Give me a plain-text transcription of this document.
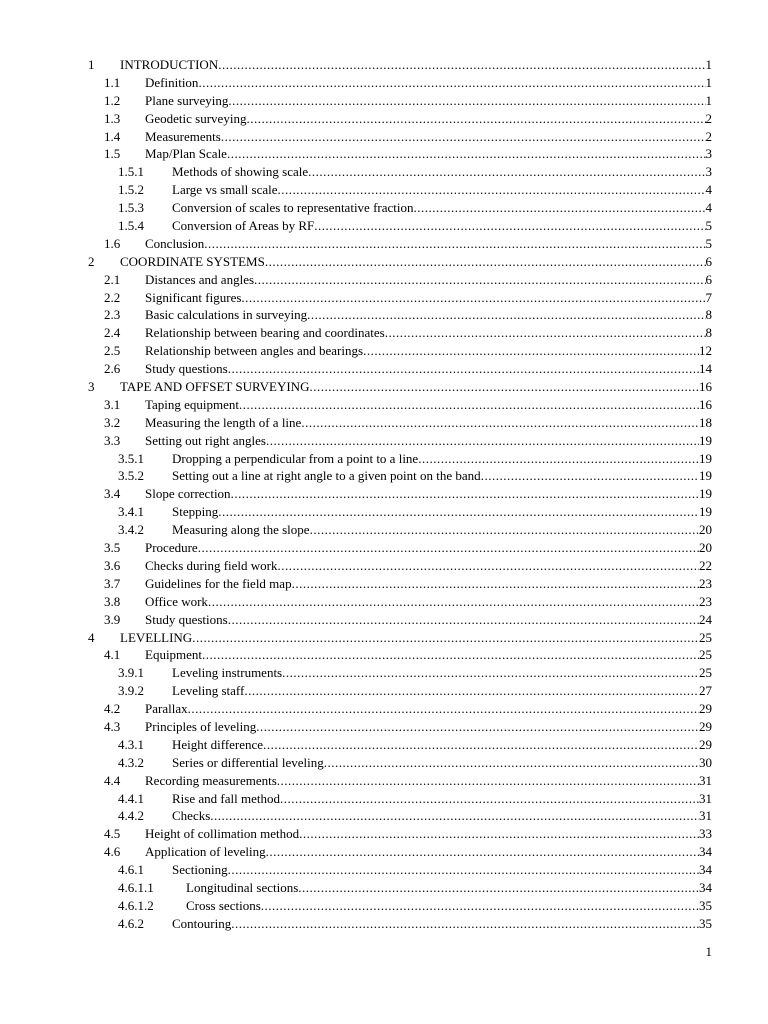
1 INTRODUCTION .....	1
1.1 Definition .....	1
1.2 Plane surveying .....	1
1.3 Geodetic surveying .....	2
1.4 Measurements .....	2
1.5 Map/Plan Scale .....	3
1.5.1 Methods of showing scale .....	3
1.5.2 Large vs small scale .....	4
1.5.3 Conversion of scales to representative fraction .....	4
1.5.4 Conversion of Areas by RF .....	5
1.6 Conclusion .....	5
2 COORDINATE SYSTEMS .....	6
2.1 Distances and angles .....	6
2.2 Significant figures .....	7
2.3 Basic calculations in surveying .....	8
2.4 Relationship between bearing and coordinates .....	8
2.5 Relationship between angles and bearings .....	12
2.6 Study questions .....	14
3 TAPE AND OFFSET SURVEYING .....	16
3.1 Taping equipment .....	16
3.2 Measuring the length of a line .....	18
3.3 Setting out right angles .....	19
3.5.1 Dropping a perpendicular from a point to a line .....	19
3.5.2 Setting out a line at right angle to a given point on the band .....	19
3.4 Slope correction .....	19
3.4.1 Stepping .....	19
3.4.2 Measuring along the slope .....	20
3.5 Procedure .....	20
3.6 Checks during field work .....	22
3.7 Guidelines for the field map .....	23
3.8 Office work .....	23
3.9 Study questions .....	24
4 LEVELLING .....	25
4.1 Equipment .....	25
3.9.1 Leveling instruments .....	25
3.9.2 Leveling staff .....	27
4.2 Parallax .....	29
4.3 Principles of leveling .....	29
4.3.1 Height difference .....	29
4.3.2 Series or differential leveling .....	30
4.4 Recording measurements .....	31
4.4.1 Rise and fall method .....	31
4.4.2 Checks .....	31
4.5 Height of collimation method .....	33
4.6 Application of leveling .....	34
4.6.1 Sectioning .....	34
4.6.1.1 Longitudinal sections .....	34
4.6.1.2 Cross sections .....	35
4.6.2 Contouring .....	35
1
